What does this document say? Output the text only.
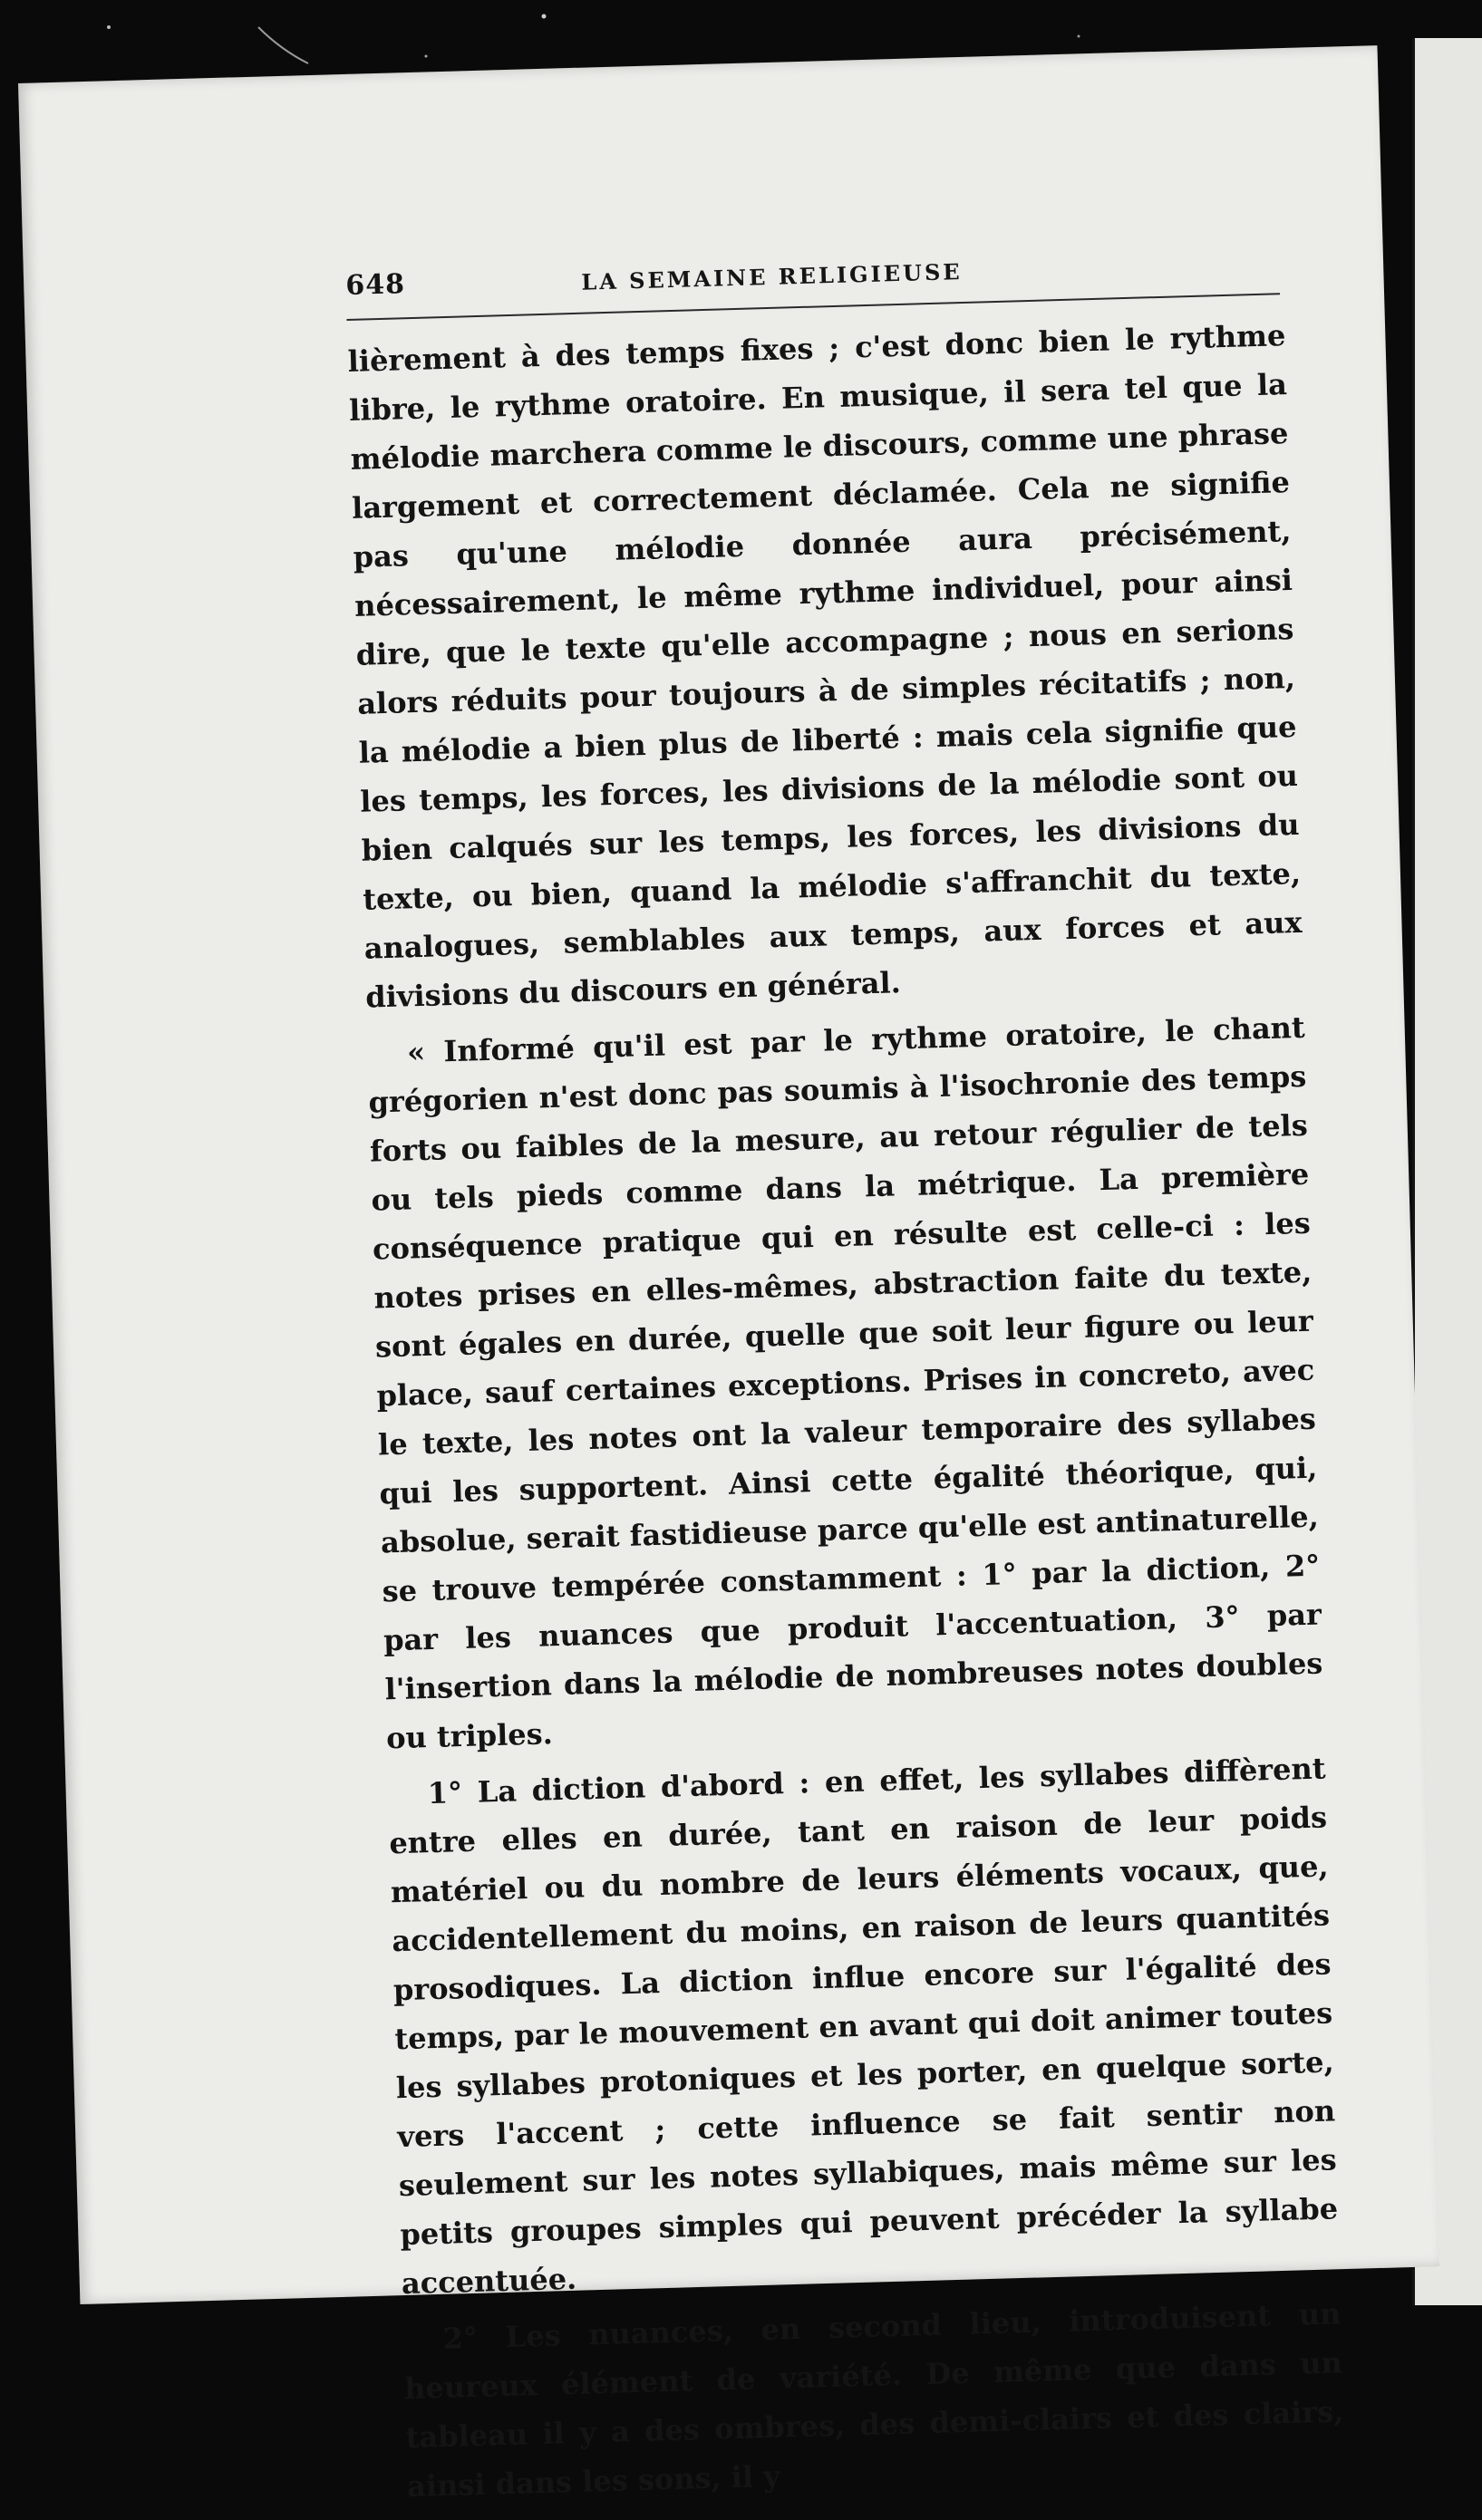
648	LA SEMAINE RELIGIEUSE

lièrement à des temps fixes ; c'est donc bien le rythme libre, le rythme oratoire. En musique, il sera tel que la mélodie marchera comme le discours, comme une phrase largement et correctement déclamée. Cela ne signifie pas qu'une mélodie donnée aura précisément, nécessairement, le même rythme individuel, pour ainsi dire, que le texte qu'elle accompagne ; nous en serions alors réduits pour toujours à de simples récitatifs ; non, la mélodie a bien plus de liberté : mais cela signifie que les temps, les forces, les divisions de la mélodie sont ou bien calqués sur les temps, les forces, les divisions du texte, ou bien, quand la mélodie s'affranchit du texte, analogues, semblables aux temps, aux forces et aux divisions du discours en général.

« Informé qu'il est par le rythme oratoire, le chant grégorien n'est donc pas soumis à l'isochronie des temps forts ou faibles de la mesure, au retour régulier de tels ou tels pieds comme dans la métrique. La première conséquence pratique qui en résulte est celle-ci : les notes prises en elles-mêmes, abstraction faite du texte, sont égales en durée, quelle que soit leur figure ou leur place, sauf certaines exceptions. Prises in concreto, avec le texte, les notes ont la valeur temporaire des syllabes qui les supportent. Ainsi cette égalité théorique, qui, absolue, serait fastidieuse parce qu'elle est antinaturelle, se trouve tempérée constamment : 1° par la diction, 2° par les nuances que produit l'accentuation, 3° par l'insertion dans la mélodie de nombreuses notes doubles ou triples.

1° La diction d'abord : en effet, les syllabes diffèrent entre elles en durée, tant en raison de leur poids matériel ou du nombre de leurs éléments vocaux, que, accidentellement du moins, en raison de leurs quantités prosodiques. La diction influe encore sur l'égalité des temps, par le mouvement en avant qui doit animer toutes les syllabes protoniques et les porter, en quelque sorte, vers l'accent ; cette influence se fait sentir non seulement sur les notes syllabiques, mais même sur les petits groupes simples qui peuvent précéder la syllabe accentuée.

2° Les nuances, en second lieu, introduisent un heureux élément de variété. De même que dans un tableau il y a des ombres, des demi-clairs et des clairs, ainsi dans les sons, il y
